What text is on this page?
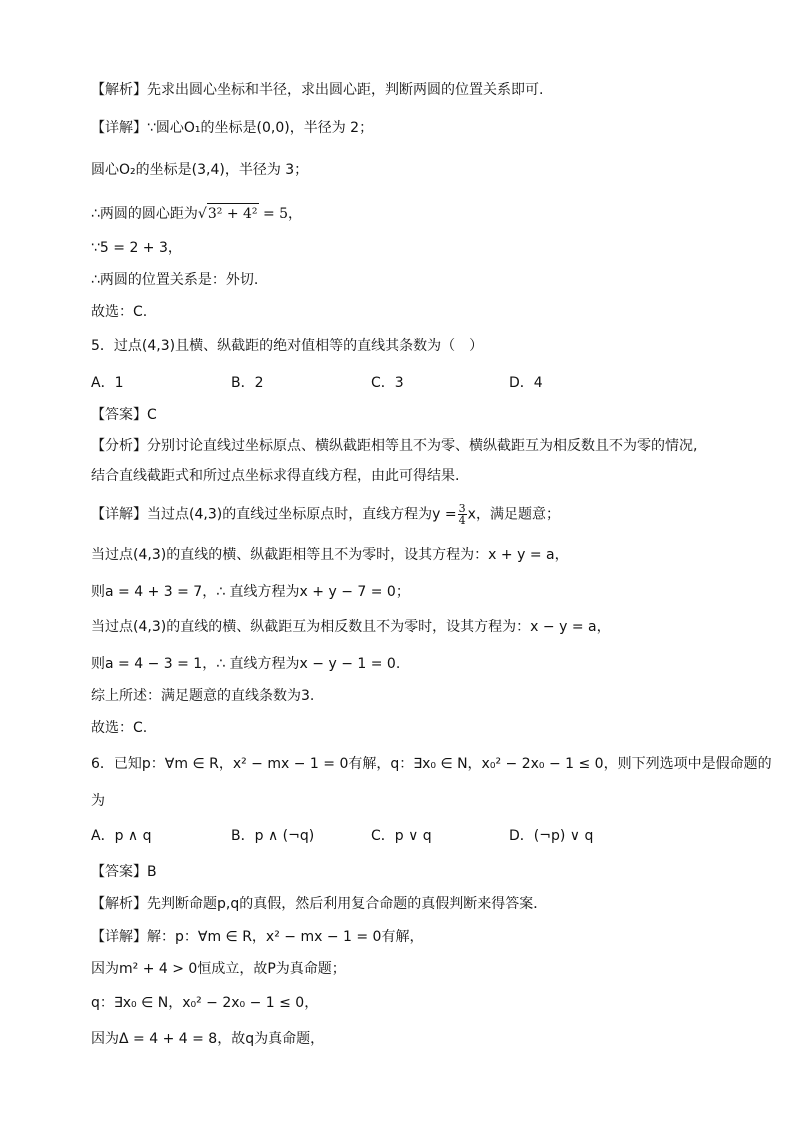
【解析】先求出圆心坐标和半径，求出圆心距，判断两圆的位置关系即可.
【详解】∵圆心O₁的坐标是(0,0)，半径为 2；
圆心O₂的坐标是(3,4)，半径为 3；
∴两圆的圆心距为√3² + 4² = 5，
∵5 = 2 + 3，
∴两圆的位置关系是：外切.
故选：C.
5．过点(4,3)且横、纵截距的绝对值相等的直线其条数为（　）
A．1	B．2	C．3	D．4
【答案】C
【分析】分别讨论直线过坐标原点、横纵截距相等且不为零、横纵截距互为相反数且不为零的情况,
结合直线截距式和所过点坐标求得直线方程，由此可得结果.
【详解】当过点(4,3)的直线过坐标原点时，直线方程为$y = \frac{3}{4}$ x，满足题意；
当过点(4,3)的直线的横、纵截距相等且不为零时，设其方程为：x + y = a，
则a = 4 + 3 = 7，∴ 直线方程为x + y − 7 = 0；
当过点(4,3)的直线的横、纵截距互为相反数且不为零时，设其方程为：x − y = a，
则a = 4 − 3 = 1，∴ 直线方程为x − y − 1 = 0.
综上所述：满足题意的直线条数为3.
故选：C.
6．已知p：∀m ∈ R，x² − mx − 1 = 0有解，q：∃x₀ ∈ N，x₀² − 2x₀ − 1 ≤ 0，则下列选项中是假命题的
为
A．p ∧ q	B．p ∧ (¬q)	C．p ∨ q	D．(¬p) ∨ q
【答案】B
【解析】先判断命题p,q的真假，然后利用复合命题的真假判断来得答案．
【详解】解：p：∀m ∈ R，x² − mx − 1 = 0有解，
因为m² + 4 > 0恒成立，故P为真命题；
q：∃x₀ ∈ N，x₀² − 2x₀ − 1 ≤ 0，
因为Δ = 4 + 4 = 8，故q为真命题，
